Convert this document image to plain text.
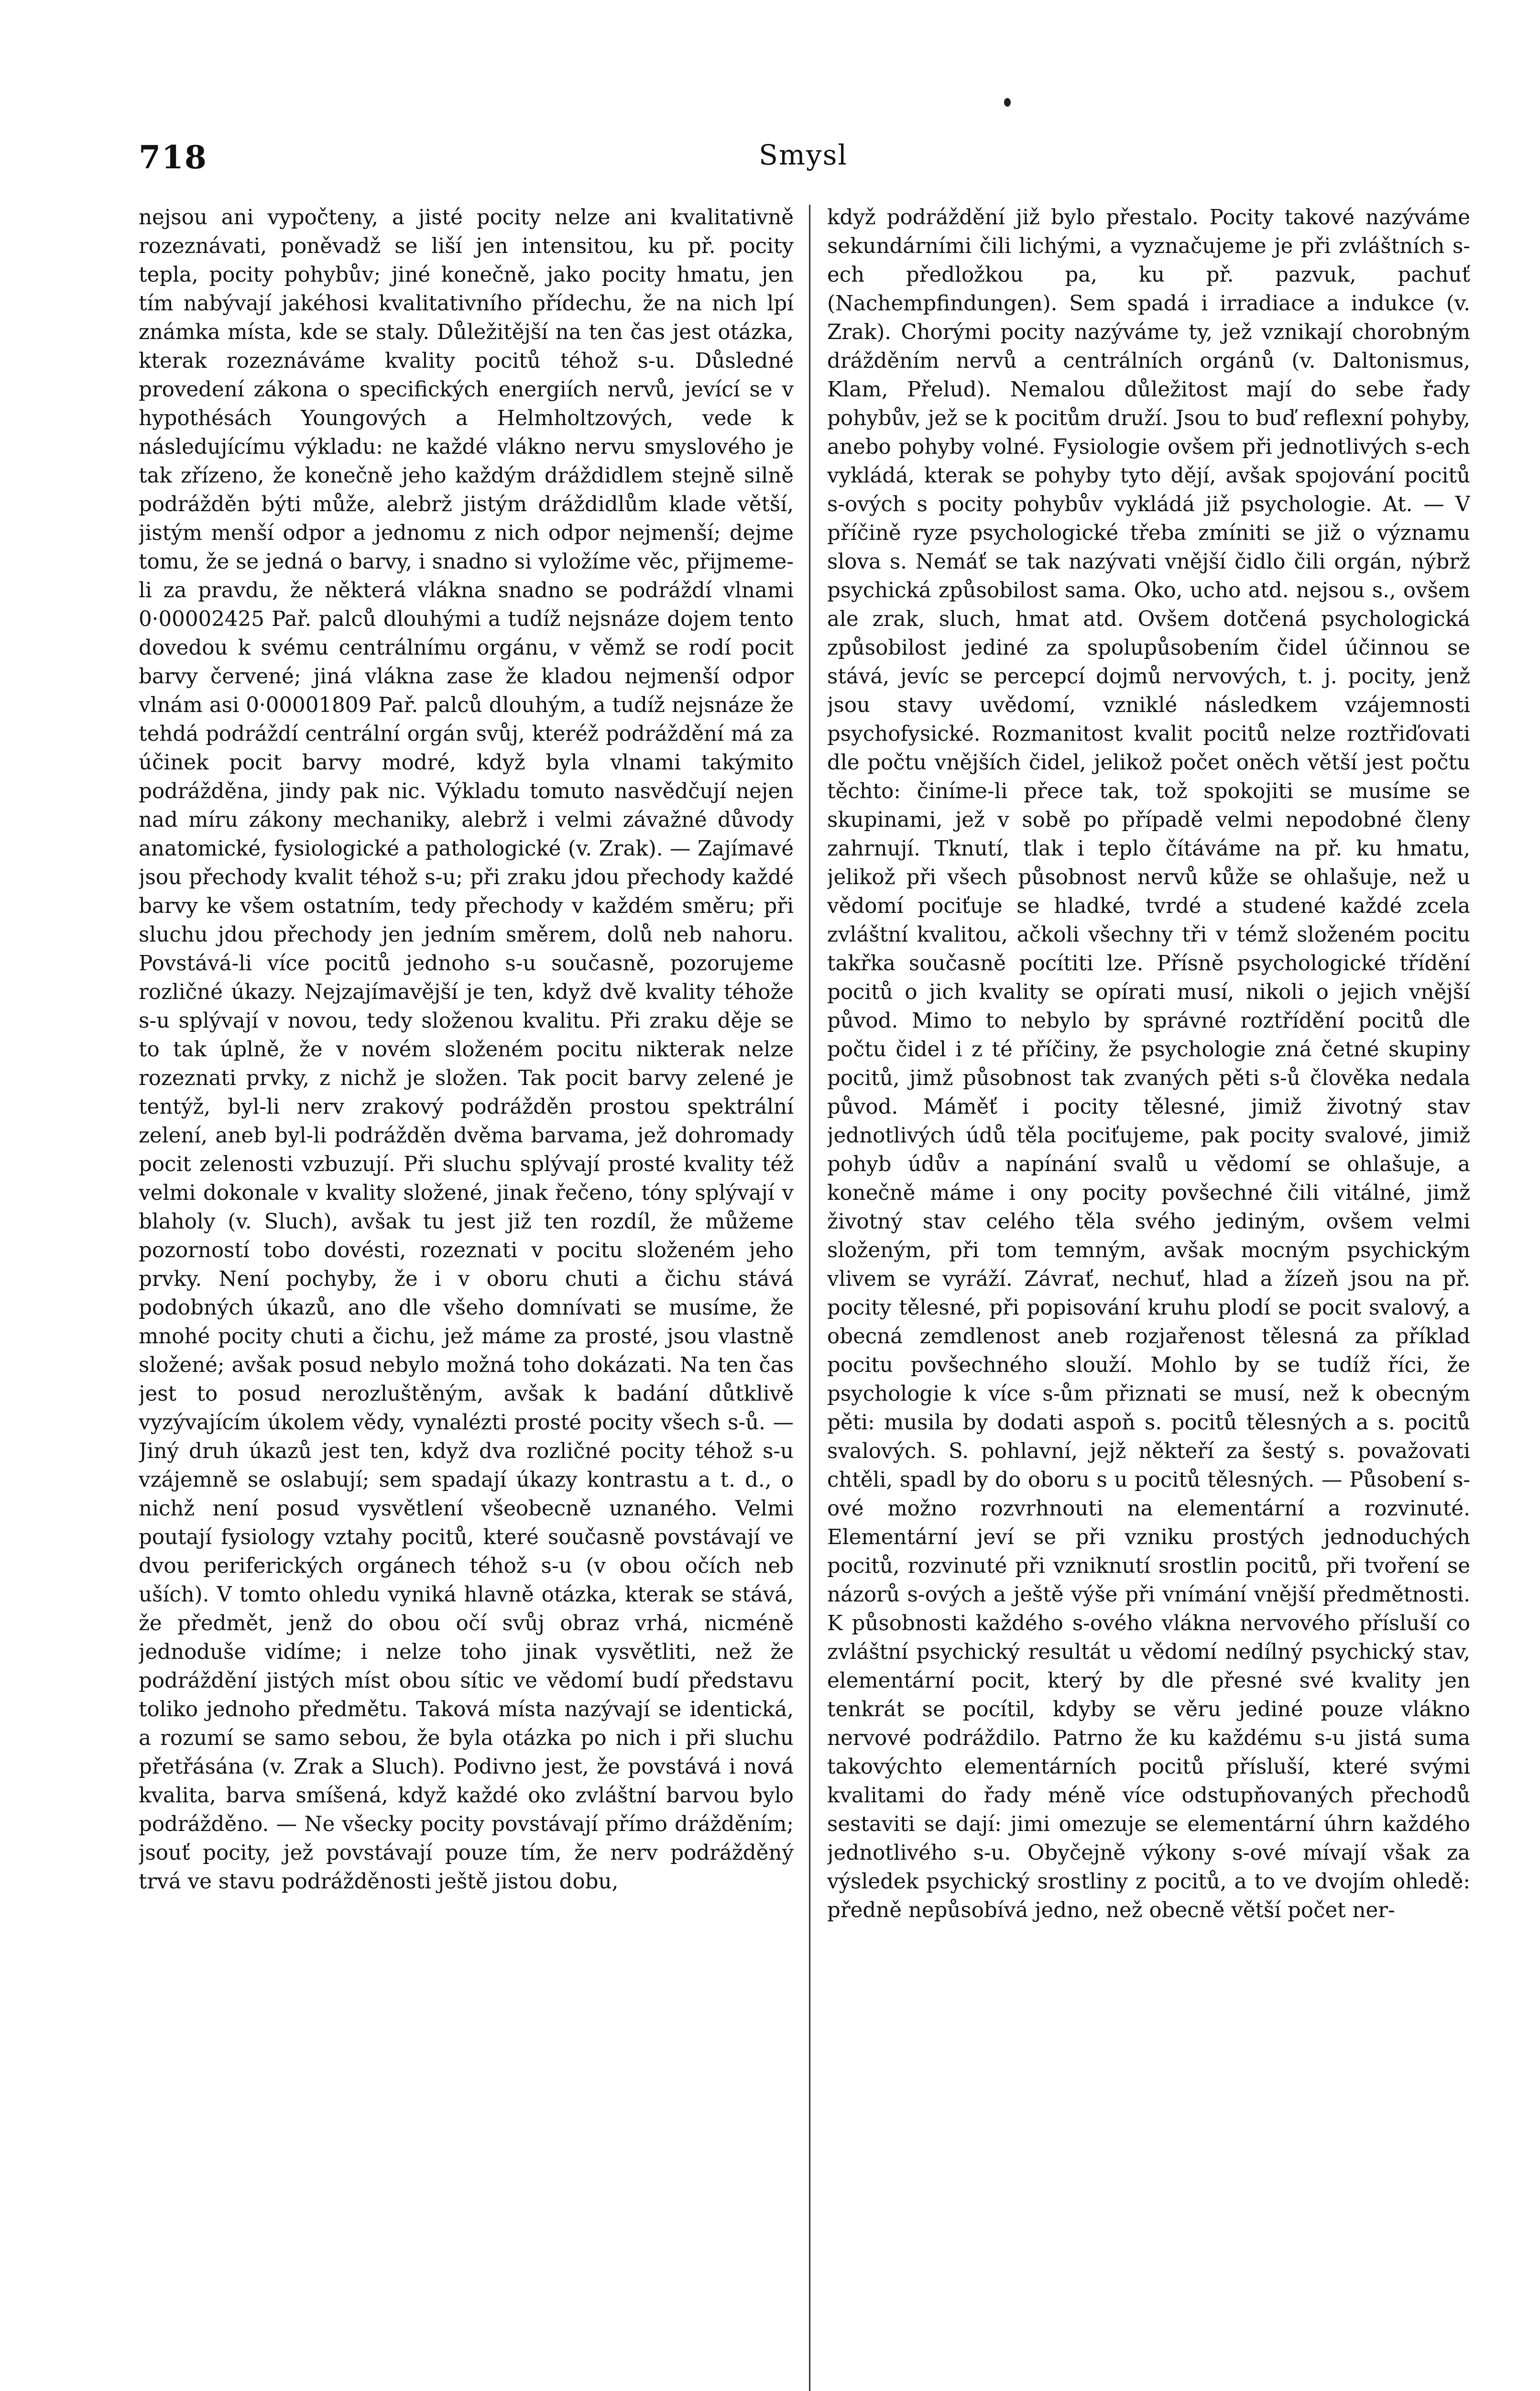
718	Smysl

nejsou ani vypočteny, a jisté pocity nelze ani kvalitativně rozeznávati, poněvadž se liší jen intensitou, ku př. pocity tepla, pocity pohybův; jiné konečně, jako pocity hmatu, jen tím nabývají jakéhosi kvalitativního přídechu, že na nich lpí známka místa, kde se staly. Důležitější na ten čas jest otázka, kterak rozeznáváme kvality pocitů téhož s-u. Důsledné provedení zákona o specifických energiích nervů, jevící se v hypothésách Youngových a Helmholtzových, vede k následujícímu výkladu: ne každé vlákno nervu smyslového je tak zřízeno, že konečně jeho každým dráždidlem stejně silně podrážděn býti může, alebrž jistým dráždidlům klade větší, jistým menší odpor a jednomu z nich odpor nejmenší; dejme tomu, že se jedná o barvy, i snadno si vyložíme věc, přijmeme-li za pravdu, že některá vlákna snadno se podráždí vlnami 0·00002425 Pař. palců dlouhými a tudíž nejsnáze dojem tento dovedou k svému centrálnímu orgánu, v věmž se rodí pocit barvy červené; jiná vlákna zase že kladou nejmenší odpor vlnám asi 0·00001809 Pař. palců dlouhým, a tudíž nejsnáze že tehdá podráždí centrální orgán svůj, kteréž podráždění má za účinek pocit barvy modré, když byla vlnami takýmito podrážděna, jindy pak nic. Výkladu tomuto nasvědčují nejen nad míru zákony mechaniky, alebrž i velmi závažné důvody anatomické, fysiologické a pathologické (v. Zrak). — Zajímavé jsou přechody kvalit téhož s-u; při zraku jdou přechody každé barvy ke všem ostatním, tedy přechody v každém směru; při sluchu jdou přechody jen jedním směrem, dolů neb nahoru. Povstává-li více pocitů jednoho s-u současně, pozorujeme rozličné úkazy. Nejzajímavější je ten, když dvě kvality téhože s-u splývají v novou, tedy složenou kvalitu. Při zraku děje se to tak úplně, že v novém složeném pocitu nikterak nelze rozeznati prvky, z nichž je složen. Tak pocit barvy zelené je tentýž, byl-li nerv zrakový podrážděn prostou spektrální zelení, aneb byl-li podrážděn dvěma barvama, jež dohromady pocit zelenosti vzbuzují. Při sluchu splývají prosté kvality též velmi dokonale v kvality složené, jinak řečeno, tóny splývají v blaholy (v. Sluch), avšak tu jest již ten rozdíl, že můžeme pozorností tobo dovésti, rozeznati v pocitu složeném jeho prvky. Není pochyby, že i v oboru chuti a čichu stává podobných úkazů, ano dle všeho domnívati se musíme, že mnohé pocity chuti a čichu, jež máme za prosté, jsou vlastně složené; avšak posud nebylo možná toho dokázati. Na ten čas jest to posud nerozluštěným, avšak k badání důtklivě vyzývajícím úkolem vědy, vynalézti prosté pocity všech s-ů. — Jiný druh úkazů jest ten, když dva rozličné pocity téhož s-u vzájemně se oslabují; sem spadají úkazy kontrastu a t. d., o nichž není posud vysvětlení všeobecně uznaného. Velmi poutají fysiology vztahy pocitů, které současně povstávají ve dvou periferických orgánech téhož s-u (v obou očích neb uších). V tomto ohledu vyniká hlavně otázka, kterak se stává, že předmět, jenž do obou očí svůj obraz vrhá, nicméně jednoduše vidíme; i nelze toho jinak vysvětliti, než že podráždění jistých míst obou sític ve vědomí budí představu toliko jednoho předmětu. Taková místa nazývají se identická, a rozumí se samo sebou, že byla otázka po nich i při sluchu přetřásána (v. Zrak a Sluch). Podivno jest, že povstává i nová kvalita, barva smíšená, když každé oko zvláštní barvou bylo podrážděno. — Ne všecky pocity povstávají přímo drážděním; jsouť pocity, jež povstávají pouze tím, že nerv podrážděný trvá ve stavu podrážděnosti ještě jistou dobu,

když podráždění již bylo přestalo. Pocity takové nazýváme sekundárními čili lichými, a vyznačujeme je při zvláštních s-ech předložkou pa, ku př. pazvuk, pachuť (Nachempfindungen). Sem spadá i irradiace a indukce (v. Zrak). Chorými pocity nazýváme ty, jež vznikají chorobným drážděním nervů a centrálních orgánů (v. Daltonismus, Klam, Přelud). Nemalou důležitost mají do sebe řady pohybův, jež se k pocitům druží. Jsou to buď reflexní pohyby, anebo pohyby volné. Fysiologie ovšem při jednotlivých s-ech vykládá, kterak se pohyby tyto dějí, avšak spojování pocitů s-ových s pocity pohybův vykládá již psychologie. At. — V příčině ryze psychologické třeba zmíniti se již o významu slova s. Nemáť se tak nazývati vnější čidlo čili orgán, nýbrž psychická způsobilost sama. Oko, ucho atd. nejsou s., ovšem ale zrak, sluch, hmat atd. Ovšem dotčená psychologická způsobilost jediné za spolupůsobením čidel účinnou se stává, jevíc se percepcí dojmů nervových, t. j. pocity, jenž jsou stavy uvědomí, vzniklé následkem vzájemnosti psychofysické. Rozmanitost kvalit pocitů nelze roztřiďovati dle počtu vnějších čidel, jelikož počet oněch větší jest počtu těchto: činíme-li přece tak, tož spokojiti se musíme se skupinami, jež v sobě po případě velmi nepodobné členy zahrnují. Tknutí, tlak i teplo čítáváme na př. ku hmatu, jelikož při všech působnost nervů kůže se ohlašuje, než u vědomí pociťuje se hladké, tvrdé a studené každé zcela zvláštní kvalitou, ačkoli všechny tři v témž složeném pocitu takřka současně pocítiti lze. Přísně psychologické třídění pocitů o jich kvality se opírati musí, nikoli o jejich vnější původ. Mimo to nebylo by správné roztřídění pocitů dle počtu čidel i z té příčiny, že psychologie zná četné skupiny pocitů, jimž působnost tak zvaných pěti s-ů člověka nedala původ. Máměť i pocity tělesné, jimiž životný stav jednotlivých údů těla pociťujeme, pak pocity svalové, jimiž pohyb údův a napínání svalů u vědomí se ohlašuje, a konečně máme i ony pocity povšechné čili vitálné, jimž životný stav celého těla svého jediným, ovšem velmi složeným, při tom temným, avšak mocným psychickým vlivem se vyráží. Závrať, nechuť, hlad a žízeň jsou na př. pocity tělesné, při popisování kruhu plodí se pocit svalový, a obecná zemdlenost aneb rozjařenost tělesná za příklad pocitu povšechného slouží. Mohlo by se tudíž říci, že psychologie k více s-ům přiznati se musí, než k obecným pěti: musila by dodati aspoň s. pocitů tělesných a s. pocitů svalových. S. pohlavní, jejž někteří za šestý s. považovati chtěli, spadl by do oboru s u pocitů tělesných. — Působení s-ové možno rozvrhnouti na elementární a rozvinuté. Elementární jeví se při vzniku prostých jednoduchých pocitů, rozvinuté při vzniknutí srostlin pocitů, při tvoření se názorů s-ových a ještě výše při vnímání vnější předmětnosti. K působnosti každého s-ového vlákna nervového přísluší co zvláštní psychický resultát u vědomí nedílný psychický stav, elementární pocit, který by dle přesné své kvality jen tenkrát se pocítil, kdyby se věru jediné pouze vlákno nervové podráždilo. Patrno že ku každému s-u jistá suma takovýchto elementárních pocitů přísluší, které svými kvalitami do řady méně více odstupňovaných přechodů sestaviti se dají: jimi omezuje se elementární úhrn každého jednotlivého s-u. Obyčejně výkony s-ové mívají však za výsledek psychický srostliny z pocitů, a to ve dvojím ohledě: předně nepůsobívá jedno, než obecně větší počet ner-
